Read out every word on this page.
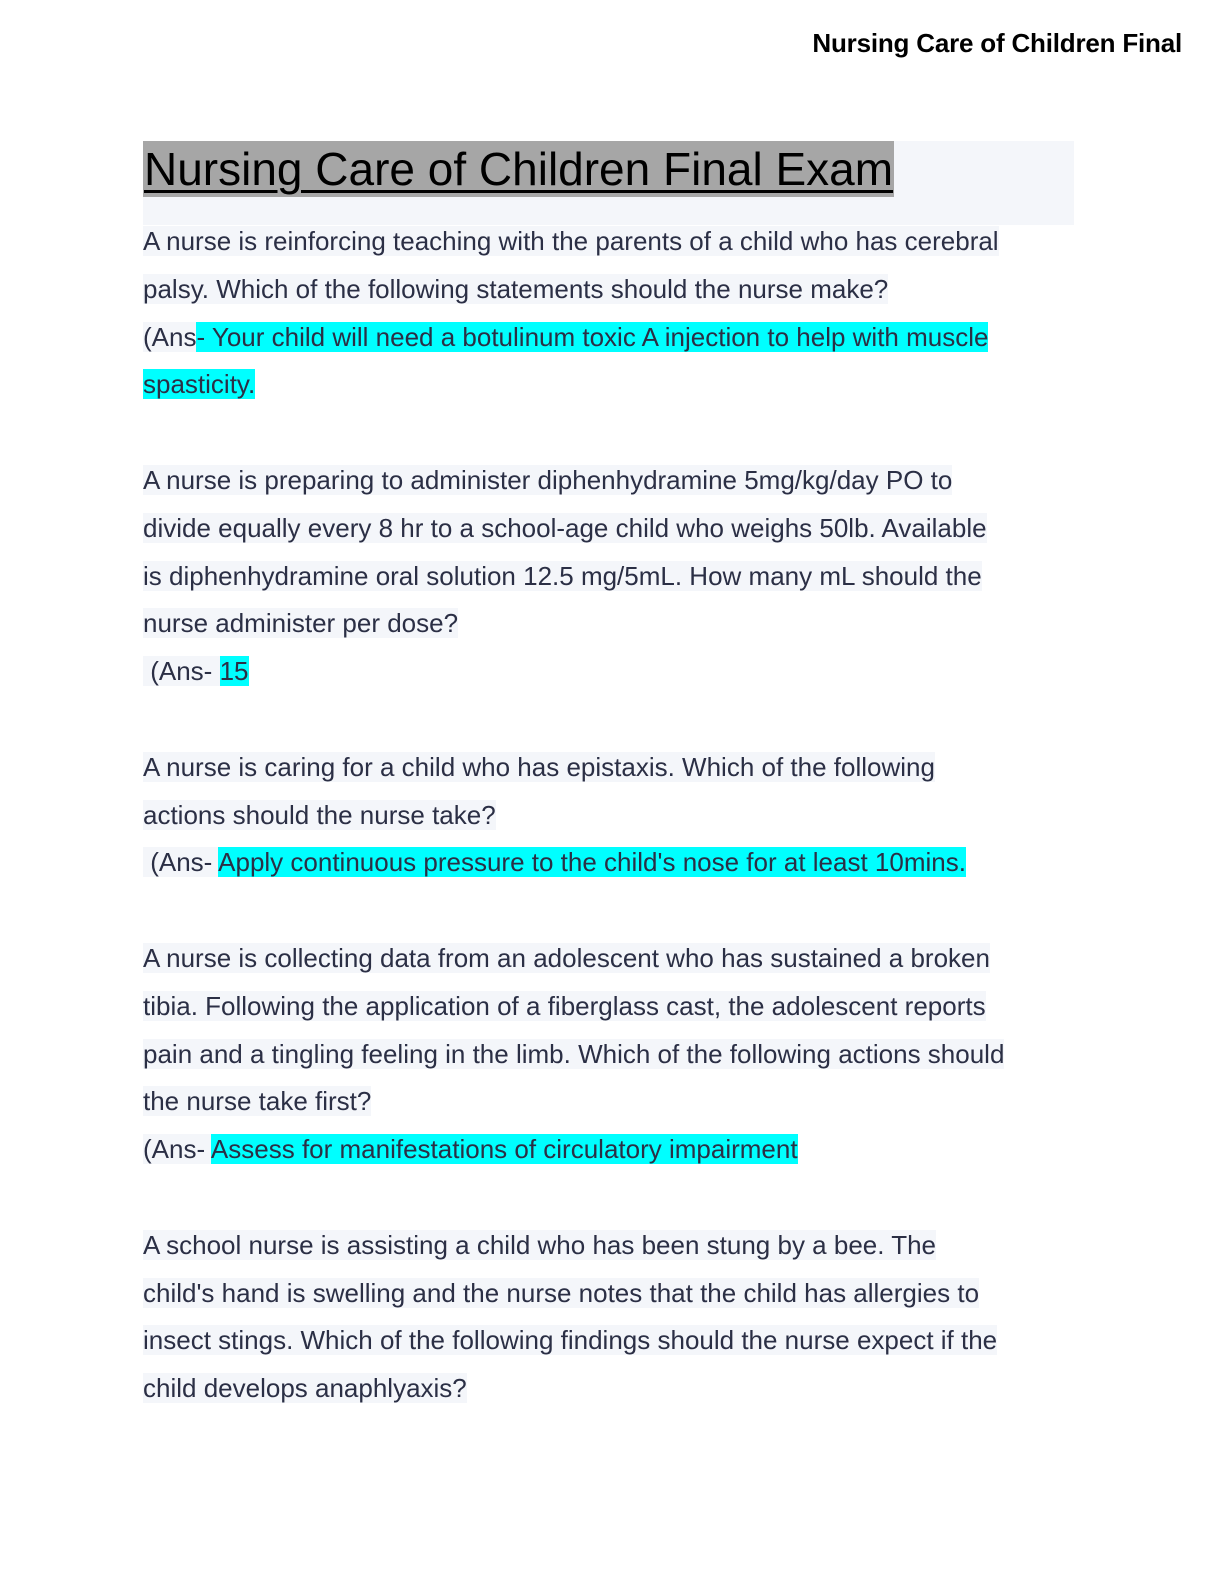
Nursing Care of Children Final
Nursing Care of Children Final Exam
A nurse is reinforcing teaching with the parents of a child who has cerebral
palsy. Which of the following statements should the nurse make?
(Ans- Your child will need a botulinum toxic A injection to help with muscle
spasticity.
A nurse is preparing to administer diphenhydramine 5mg/kg/day PO to
divide equally every 8 hr to a school-age child who weighs 50lb. Available
is diphenhydramine oral solution 12.5 mg/5mL. How many mL should the
nurse administer per dose?
(Ans- 15
A nurse is caring for a child who has epistaxis. Which of the following
actions should the nurse take?
(Ans- Apply continuous pressure to the child's nose for at least 10mins.
A nurse is collecting data from an adolescent who has sustained a broken
tibia. Following the application of a fiberglass cast, the adolescent reports
pain and a tingling feeling in the limb. Which of the following actions should
the nurse take first?
(Ans- Assess for manifestations of circulatory impairment
A school nurse is assisting a child who has been stung by a bee. The
child's hand is swelling and the nurse notes that the child has allergies to
insect stings. Which of the following findings should the nurse expect if the
child develops anaphlyaxis?
